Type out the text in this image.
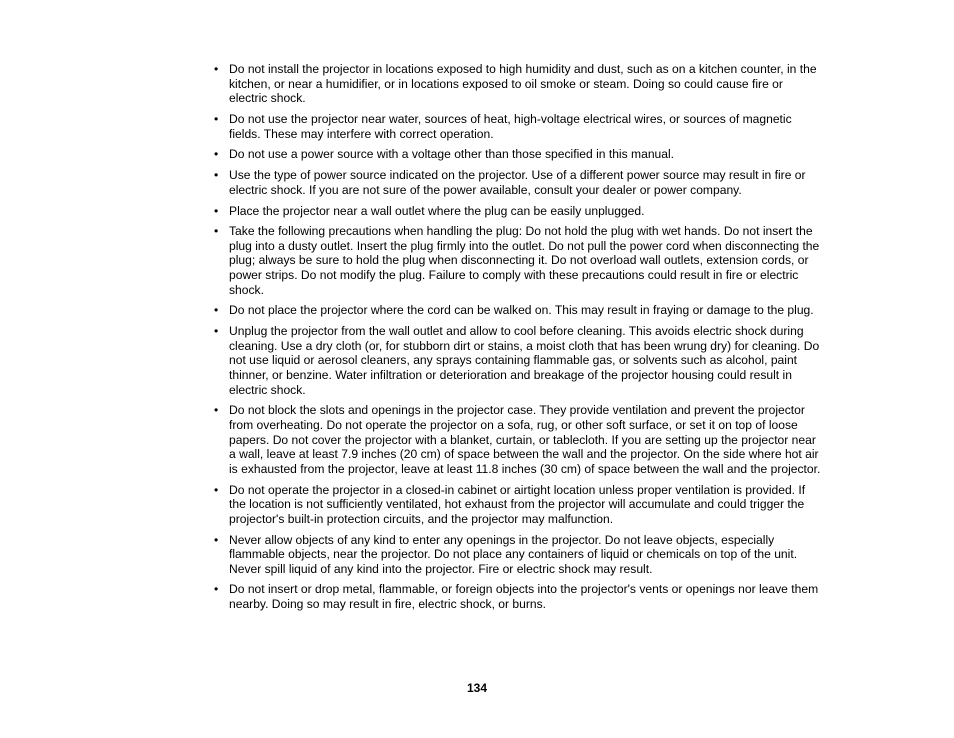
• Do not install the projector in locations exposed to high humidity and dust, such as on a kitchen counter, in the kitchen, or near a humidifier, or in locations exposed to oil smoke or steam. Doing so could cause fire or electric shock.
• Do not use the projector near water, sources of heat, high-voltage electrical wires, or sources of magnetic fields. These may interfere with correct operation.
• Do not use a power source with a voltage other than those specified in this manual.
• Use the type of power source indicated on the projector. Use of a different power source may result in fire or electric shock. If you are not sure of the power available, consult your dealer or power company.
• Place the projector near a wall outlet where the plug can be easily unplugged.
• Take the following precautions when handling the plug: Do not hold the plug with wet hands. Do not insert the plug into a dusty outlet. Insert the plug firmly into the outlet. Do not pull the power cord when disconnecting the plug; always be sure to hold the plug when disconnecting it. Do not overload wall outlets, extension cords, or power strips. Do not modify the plug. Failure to comply with these precautions could result in fire or electric shock.
• Do not place the projector where the cord can be walked on. This may result in fraying or damage to the plug.
• Unplug the projector from the wall outlet and allow to cool before cleaning. This avoids electric shock during cleaning. Use a dry cloth (or, for stubborn dirt or stains, a moist cloth that has been wrung dry) for cleaning. Do not use liquid or aerosol cleaners, any sprays containing flammable gas, or solvents such as alcohol, paint thinner, or benzine. Water infiltration or deterioration and breakage of the projector housing could result in electric shock.
• Do not block the slots and openings in the projector case. They provide ventilation and prevent the projector from overheating. Do not operate the projector on a sofa, rug, or other soft surface, or set it on top of loose papers. Do not cover the projector with a blanket, curtain, or tablecloth. If you are setting up the projector near a wall, leave at least 7.9 inches (20 cm) of space between the wall and the projector. On the side where hot air is exhausted from the projector, leave at least 11.8 inches (30 cm) of space between the wall and the projector.
• Do not operate the projector in a closed-in cabinet or airtight location unless proper ventilation is provided. If the location is not sufficiently ventilated, hot exhaust from the projector will accumulate and could trigger the projector's built-in protection circuits, and the projector may malfunction.
• Never allow objects of any kind to enter any openings in the projector. Do not leave objects, especially flammable objects, near the projector. Do not place any containers of liquid or chemicals on top of the unit. Never spill liquid of any kind into the projector. Fire or electric shock may result.
• Do not insert or drop metal, flammable, or foreign objects into the projector's vents or openings nor leave them nearby. Doing so may result in fire, electric shock, or burns.
134
